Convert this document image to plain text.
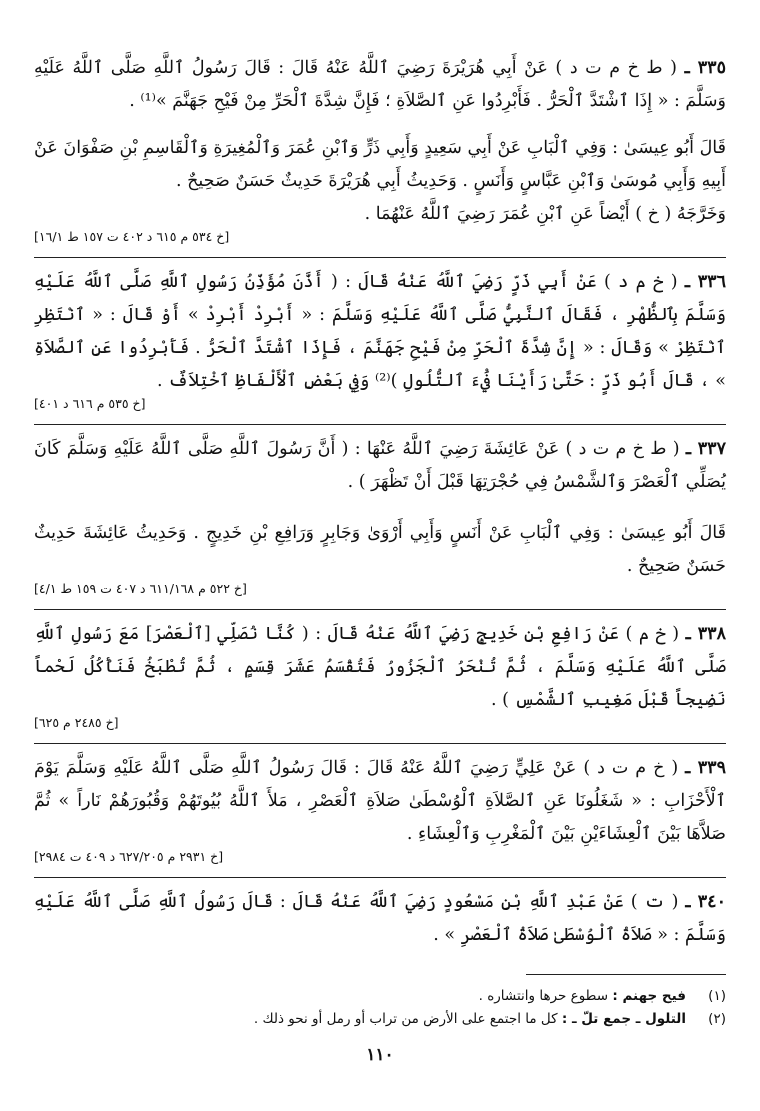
٣٣٥ ـ ( ط خ م ت د ) عَنْ أَبِي هُرَيْرَةَ رَضِيَ ٱللَّهُ عَنْهُ قَالَ : قَالَ رَسُولُ ٱللَّهِ صَلَّى ٱللَّهُ عَلَيْهِ وَسَلَّمَ : « إِذَا ٱشْتَدَّ ٱلْحَرُّ . فَأَبْرِدُوا عَنِ ٱلصَّلاَةِ ؛ فَإِنَّ شِدَّةَ ٱلْحَرِّ مِنْ فَيْحِ جَهَنَّمَ »⁽¹⁾ .

قَالَ أَبُو عِيسَىٰ : وَفِي ٱلْبَابِ عَنْ أَبِي سَعِيدٍ وَأَبِي ذَرٍّ وَٱبْنِ عُمَرَ وَٱلْمُغِيرَةِ وَٱلْقَاسِمِ بْنِ صَفْوَانَ عَنْ أَبِيهِ وَأَبِي مُوسَىٰ وَٱبْنِ عَبَّاسٍ وَأَنَسٍ . وَحَدِيثُ أَبِي هُرَيْرَةَ حَدِيثٌ حَسَنٌ صَحِيحٌ .

وَخَرَّجَهُ ( خ ) أَيْضاً عَنِ ٱبْنِ عُمَرَ رَضِيَ ٱللَّهُ عَنْهُمَا .

[خ ٥٣٤ م ٦١٥ د ٤٠٢ ت ١٥٧ ط ١٦/١]

٣٣٦ ـ ( خ م د ) عَنْ أَبِي ذَرٍّ رَضِيَ ٱللَّهُ عَنْهُ قَالَ : ( أَذَّنَ مُؤَذِّنُ رَسُولِ ٱللَّهِ صَلَّى ٱللَّهُ عَلَيْهِ وَسَلَّمَ بِٱلظُّهْرِ ، فَقَالَ ٱلنَّبِيُّ صَلَّى ٱللَّهُ عَلَيْهِ وَسَلَّمَ : « أَبْرِدْ أَبْرِدْ » أَوْ قَالَ : « ٱنْتَظِرِ ٱنْتَظِرْ » وَقَالَ : « إِنَّ شِدَّةَ ٱلْحَرِّ مِنْ فَيْحِ جَهَنَّمَ ، فَإِذَا ٱشْتَدَّ ٱلْحَرُّ . فَأَبْرِدُوا عَنِ ٱلصَّلاَةِ » ، قَالَ أَبُو ذَرٍّ : حَتَّىٰ رَأَيْنَا فَيْءَ ٱلتُّلُولِ )⁽²⁾ وَفِي بَعْضِ ٱلْأَلْفَاظِ ٱخْتِلاَفٌ .

[خ ٥٣٥ م ٦١٦ د ٤٠١]

٣٣٧ ـ ( ط خ م ت د ) عَنْ عَائِشَةَ رَضِيَ ٱللَّهُ عَنْهَا : ( أَنَّ رَسُولَ ٱللَّهِ صَلَّى ٱللَّهُ عَلَيْهِ وَسَلَّمَ كَانَ يُصَلِّي ٱلْعَصْرَ وَٱلشَّمْسُ فِي حُجْرَتِهَا قَبْلَ أَنْ تَظْهَرَ ) .

قَالَ أَبُو عِيسَىٰ : وَفِي ٱلْبَابِ عَنْ أَنَسٍ وَأَبِي أَرْوَىٰ وَجَابِرٍ وَرَافِعِ بْنِ خَدِيجٍ . وَحَدِيثُ عَائِشَةَ حَدِيثٌ حَسَنٌ صَحِيحٌ .

[خ ٥٢٢ م ٦١١/١٦٨ د ٤٠٧ ت ١٥٩ ط ٤/١]

٣٣٨ ـ ( خ م ) عَنْ رَافِعِ بْنِ خَدِيجٍ رَضِيَ ٱللَّهُ عَنْهُ قَالَ : ( كُنَّا نُصَلِّي [ٱلْعَصْرَ] مَعَ رَسُولِ ٱللَّهِ صَلَّى ٱللَّهُ عَلَيْهِ وَسَلَّمَ ، ثُمَّ تُنْحَرُ ٱلْجَزُورُ فَتُقْسَمُ عَشَرَ قِسَمٍ ، ثُمَّ تُطْبَخُ فَنَأْكُلُ لَحْماً نَضِيجاً قَبْلَ مَغِيبِ ٱلشَّمْسِ ) .

[خ ٢٤٨٥ م ٦٢٥]

٣٣٩ ـ ( خ م ت د ) عَنْ عَلِيٍّ رَضِيَ ٱللَّهُ عَنْهُ قَالَ : قَالَ رَسُولُ ٱللَّهِ صَلَّى ٱللَّهُ عَلَيْهِ وَسَلَّمَ يَوْمَ ٱلْأَحْزَابِ : « شَغَلُونَا عَنِ ٱلصَّلاَةِ ٱلْوُسْطَىٰ صَلاَةِ ٱلْعَصْرِ ، مَلأَ ٱللَّهُ بُيُوتَهُمْ وَقُبُورَهُمْ نَاراً » ثُمَّ صَلاَّهَا بَيْنَ ٱلْعِشَاءَيْنِ بَيْنَ ٱلْمَغْرِبِ وَٱلْعِشَاءِ .

[خ ٢٩٣١ م ٦٢٧/٢٠٥ د ٤٠٩ ت ٢٩٨٤]

٣٤٠ ـ ( ت ) عَنْ عَبْدِ ٱللَّهِ بْنِ مَسْعُودٍ رَضِيَ ٱللَّهُ عَنْهُ قَالَ : قَالَ رَسُولُ ٱللَّهِ صَلَّى ٱللَّهُ عَلَيْهِ وَسَلَّمَ : « صَلاَةُ ٱلْوُسْطَىٰ صَلاَةُ ٱلْعَصْرِ » .

(١)
فيح جهنم : سطوع حرها وانتشاره .
(٢)
التلول ـ جمع تلّ ـ : كل ما اجتمع على الأرض من تراب أو رمل أو نحو ذلك .
١١٠
